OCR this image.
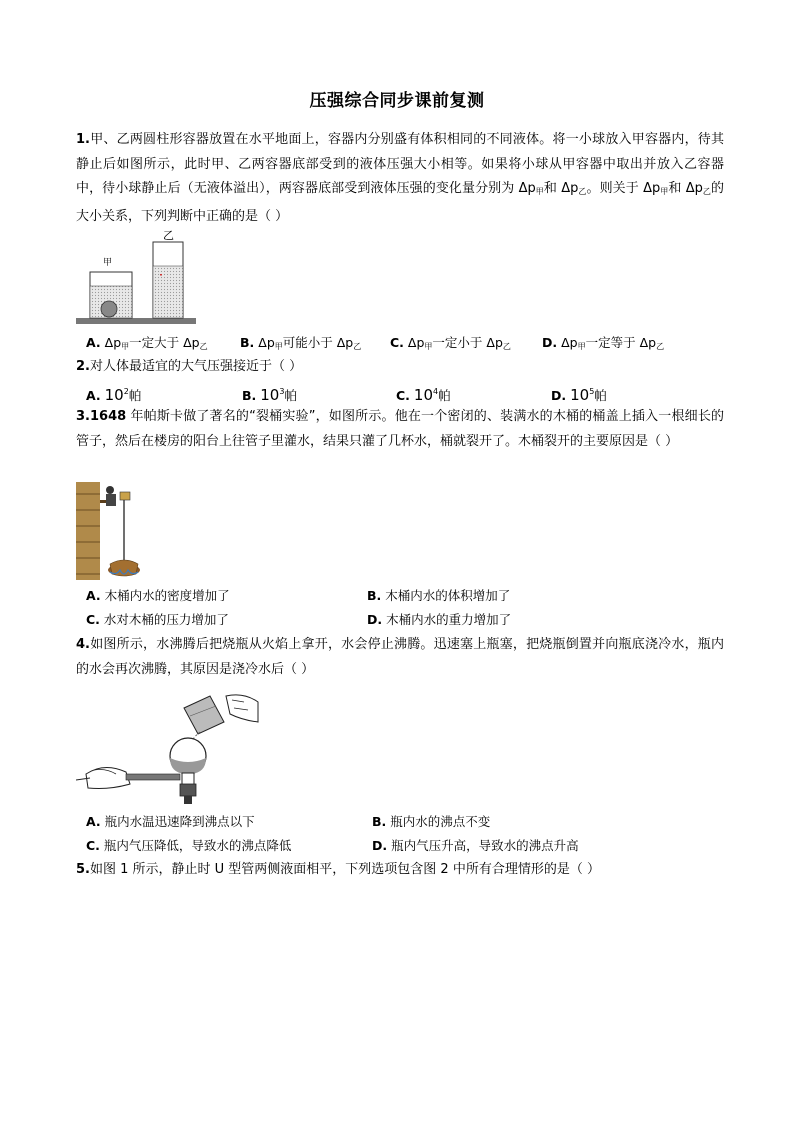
压强综合同步课前复测
1.甲、乙两圆柱形容器放置在水平地面上，容器内分别盛有体积相同的不同液体。将一小球放入甲容器内，待其静止后如图所示，此时甲、乙两容器底部受到的液体压强大小相等。如果将小球从甲容器中取出并放入乙容器中，待小球静止后（无液体溢出），两容器底部受到液体压强的变化量分别为 $\Delta p_甲$和 $\Delta p_乙$。则关于 $\Delta p_甲$和 $\Delta p_乙$的大小关系，下列判断中正确的是（ ）
甲
乙
A. $\Delta p_甲$一定大于 $\Delta p_乙$	B. $\Delta p_甲$可能小于 $\Delta p_乙$ C. $\Delta p_甲$一定小于 $\Delta p_乙$ D. $\Delta p_甲$一定等于 $\Delta p_乙$
2.对人体最适宜的大气压强接近于（ ）
A. $10^2$帕	B. $10^3$帕	C. $10^4$帕	D. $10^5$帕
3.1648 年帕斯卡做了著名的“裂桶实验”，如图所示。他在一个密闭的、装满水的木桶的桶盖上插入一根细长的管子，然后在楼房的阳台上往管子里灌水，结果只灌了几杯水，桶就裂开了。木桶裂开的主要原因是（ ）
A. 木桶内水的密度增加了	B. 木桶内水的体积增加了
C. 水对木桶的压力增加了	D. 木桶内水的重力增加了
4.如图所示，水沸腾后把烧瓶从火焰上拿开，水会停止沸腾。迅速塞上瓶塞，把烧瓶倒置并向瓶底浇冷水，瓶内的水会再次沸腾，其原因是浇冷水后（ ）
A. 瓶内水温迅速降到沸点以下	B. 瓶内水的沸点不变
C. 瓶内气压降低，导致水的沸点降低	D. 瓶内气压升高，导致水的沸点升高
5.如图 1 所示，静止时 U 型管两侧液面相平，下列选项包含图 2 中所有合理情形的是（ ）
